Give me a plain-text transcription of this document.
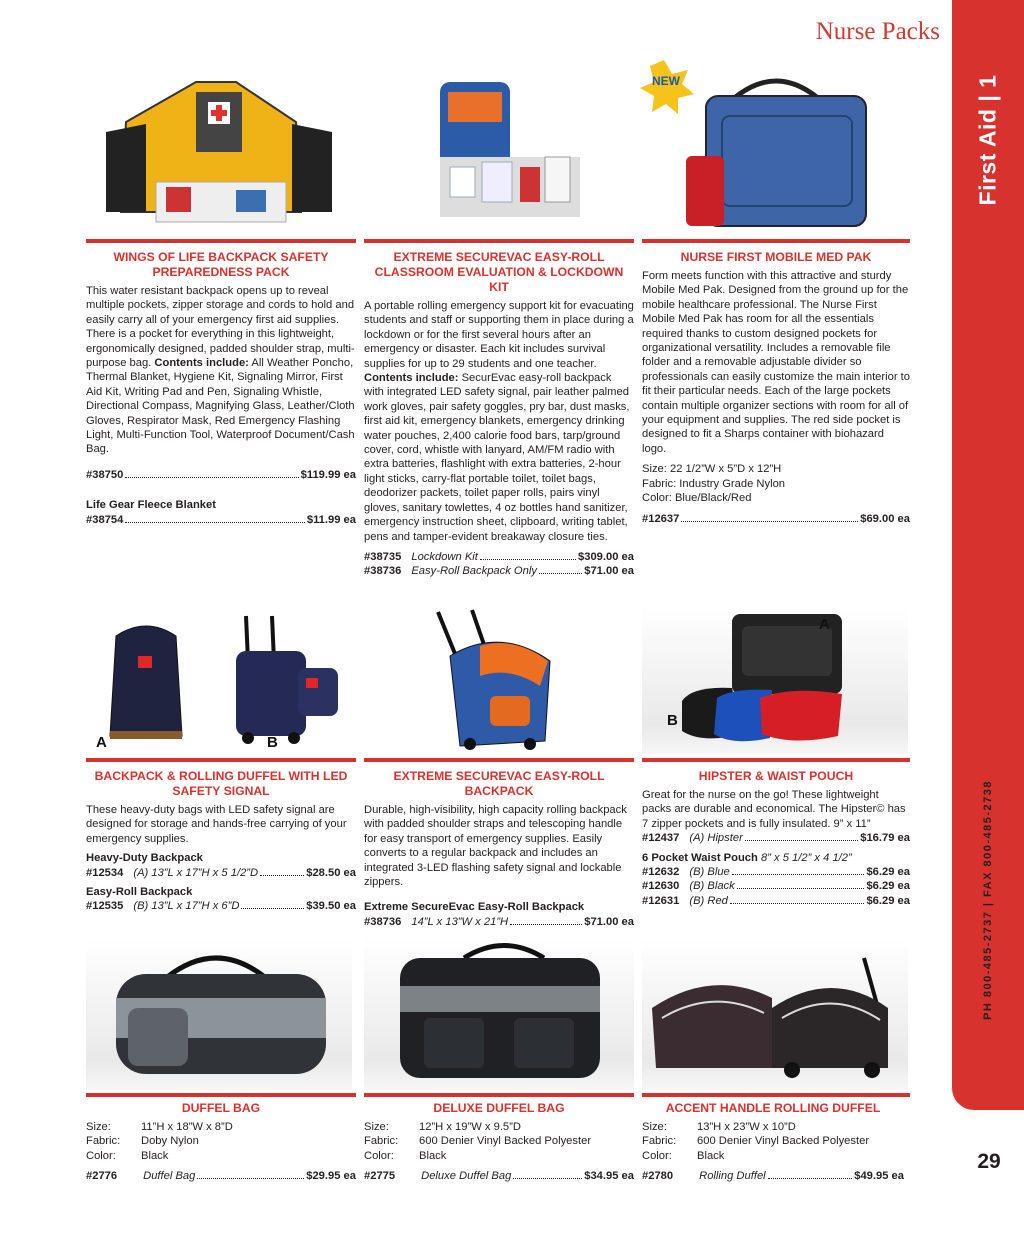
Nurse Packs
First Aid | 1
PH 800-485-2737 | FAX 800-485-2738
29
NEW
WINGS OF LIFE BACKPACK SAFETY PREPAREDNESS PACK
This water resistant backpack opens up to reveal multiple pockets, zipper storage and cords to hold and easily carry all of your emergency first aid supplies. There is a pocket for everything in this lightweight, ergonomically designed, padded shoulder strap, multi-purpose bag. Contents include: All Weather Poncho, Thermal Blanket, Hygiene Kit, Signaling Mirror, First Aid Kit, Writing Pad and Pen, Signaling Whistle, Directional Compass, Magnifying Glass, Leather/Cloth Gloves, Respirator Mask, Red Emergency Flashing Light, Multi-Function Tool, Waterproof Document/Cash Bag.
#38750	$119.99 ea
Life Gear Fleece Blanket
#38754	$11.99 ea
EXTREME SECUREVAC EASY-ROLL CLASSROOM EVALUATION & LOCKDOWN KIT
A portable rolling emergency support kit for evacuating students and staff or supporting them in place during a lockdown or for the first several hours after an emergency or disaster. Each kit includes survival supplies for up to 29 students and one teacher. Contents include: SecurEvac easy-roll backpack with integrated LED safety signal, pair leather palmed work gloves, pair safety goggles, pry bar, dust masks, first aid kit, emergency blankets, emergency drinking water pouches, 2,400 calorie food bars, tarp/ground cover, cord, whistle with lanyard, AM/FM radio with extra batteries, flashlight with extra batteries, 2-hour light sticks, carry-flat portable toilet, toilet bags, deodorizer packets, toilet paper rolls, pairs vinyl gloves, sanitary towlettes, 4 oz bottles hand sanitizer, emergency instruction sheet, clipboard, writing tablet, pens and tamper-evident breakaway closure ties.
#38735 Lockdown Kit	$309.00 ea
#38736 Easy-Roll Backpack Only	$71.00 ea
NURSE FIRST MOBILE MED PAK
Form meets function with this attractive and sturdy Mobile Med Pak. Designed from the ground up for the mobile healthcare professional. The Nurse First Mobile Med Pak has room for all the essentials required thanks to custom designed pockets for organizational versatility. Includes a removable file folder and a removable adjustable divider so professionals can easily customize the main interior to fit their particular needs. Each of the large pockets contain multiple organizer sections with room for all of your equipment and supplies. The red side pocket is designed to fit a Sharps container with biohazard logo.
Size: 22 1/2”W x 5”D x 12”H
Fabric: Industry Grade Nylon
Color: Blue/Black/Red
#12637	$69.00 ea
A	B
A
B
BACKPACK & ROLLING DUFFEL WITH LED SAFETY SIGNAL
These heavy-duty bags with LED safety signal are designed for storage and hands-free carrying of your emergency supplies.
Heavy-Duty Backpack
#12534 (A) 13”L x 17”H x 5 1/2”D	$28.50 ea
Easy-Roll Backpack
#12535 (B) 13”L x 17”H x 6”D	$39.50 ea
EXTREME SECUREVAC EASY-ROLL BACKPACK
Durable, high-visibility, high capacity rolling backpack with padded shoulder straps and telescoping handle for easy transport of emergency supplies. Easily converts to a regular backpack and includes an integrated 3-LED flashing safety signal and lockable zippers.
Extreme SecureEvac Easy-Roll Backpack
#38736 14”L x 13”W x 21”H	$71.00 ea
HIPSTER & WAIST POUCH
Great for the nurse on the go! These lightweight packs are durable and economical. The Hipster© has 7 zipper pockets and is fully insulated. 9” x 11”
#12437 (A) Hipster	$16.79 ea
6 Pocket Waist Pouch 8” x 5 1/2” x 4 1/2”
#12632 (B) Blue	$6.29 ea
#12630 (B) Black	$6.29 ea
#12631 (B) Red	$6.29 ea
DUFFEL BAG
Size:	11”H x 18”W x 8”D
Fabric:	Doby Nylon
Color:	Black
#2776 Duffel Bag	$29.95 ea
DELUXE DUFFEL BAG
Size:	12”H x 19”W x 9.5”D
Fabric:	600 Denier Vinyl Backed Polyester
Color:	Black
#2775 Deluxe Duffel Bag	$34.95 ea
ACCENT HANDLE ROLLING DUFFEL
Size:	13”H x 23”W x 10”D
Fabric:	600 Denier Vinyl Backed Polyester
Color:	Black
#2780 Rolling Duffel	$49.95 ea
